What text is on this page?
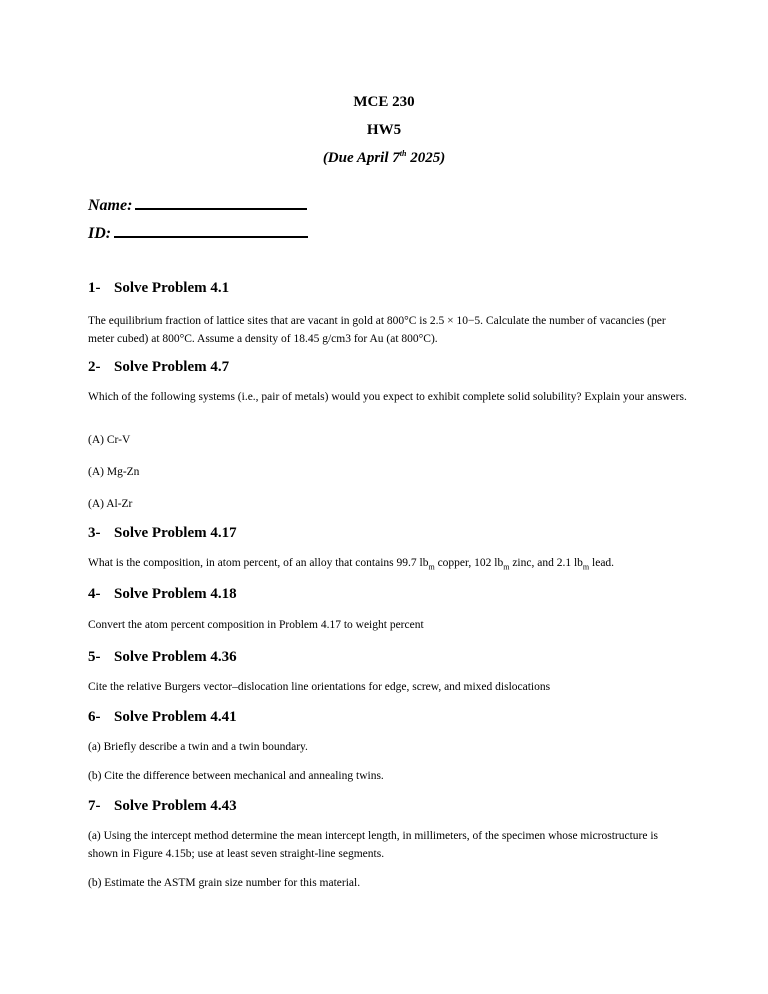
MCE 230
HW5
(Due April 7th 2025)
Name:
ID:
1- Solve Problem 4.1
The equilibrium fraction of lattice sites that are vacant in gold at 800°C is 2.5 × 10−5. Calculate the number of vacancies (per meter cubed) at 800°C. Assume a density of 18.45 g/cm3 for Au (at 800°C).
2- Solve Problem 4.7
Which of the following systems (i.e., pair of metals) would you expect to exhibit complete solid solubility? Explain your answers.
(A) Cr-V
(A) Mg-Zn
(A) Al-Zr
3- Solve Problem 4.17
What is the composition, in atom percent, of an alloy that contains 99.7 $lb_m$ copper, 102 $lb_m$ zinc, and 2.1 $lb_m$ lead.
4- Solve Problem 4.18
Convert the atom percent composition in Problem 4.17 to weight percent
5- Solve Problem 4.36
Cite the relative Burgers vector–dislocation line orientations for edge, screw, and mixed dislocations
6- Solve Problem 4.41
(a) Briefly describe a twin and a twin boundary.
(b) Cite the difference between mechanical and annealing twins.
7- Solve Problem 4.43
(a) Using the intercept method determine the mean intercept length, in millimeters, of the specimen whose microstructure is shown in Figure 4.15b; use at least seven straight-line segments.
(b) Estimate the ASTM grain size number for this material.
